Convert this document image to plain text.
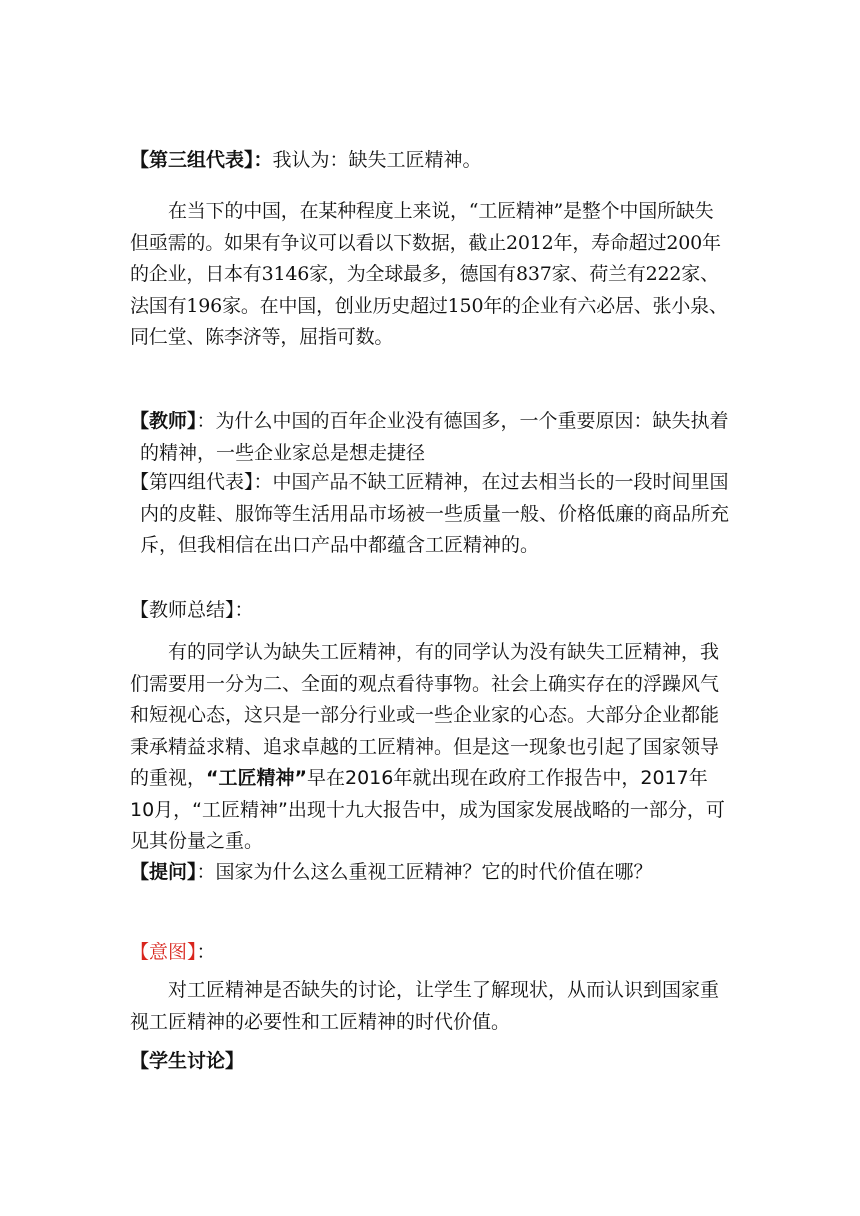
【第三组代表】：我认为：缺失工匠精神。

在当下的中国，在某种程度上来说，“工匠精神”是整个中国所缺失但亟需的。如果有争议可以看以下数据，截止2012年，寿命超过200年的企业，日本有3146家，为全球最多，德国有837家、荷兰有222家、法国有196家。在中国，创业历史超过150年的企业有六必居、张小泉、同仁堂、陈李济等，屈指可数。

【教师】：为什么中国的百年企业没有德国多，一个重要原因：缺失执着的精神，一些企业家总是想走捷径

【第四组代表】：中国产品不缺工匠精神，在过去相当长的一段时间里国内的皮鞋、服饰等生活用品市场被一些质量一般、价格低廉的商品所充斥，但我相信在出口产品中都蕴含工匠精神的。

【教师总结】：

有的同学认为缺失工匠精神，有的同学认为没有缺失工匠精神，我们需要用一分为二、全面的观点看待事物。社会上确实存在的浮躁风气和短视心态，这只是一部分行业或一些企业家的心态。大部分企业都能秉承精益求精、追求卓越的工匠精神。但是这一现象也引起了国家领导的重视，“工匠精神”早在2016年就出现在政府工作报告中，2017年10月，“工匠精神”出现十九大报告中，成为国家发展战略的一部分，可见其份量之重。

【提问】：国家为什么这么重视工匠精神？它的时代价值在哪？

【意图】：

对工匠精神是否缺失的讨论，让学生了解现状，从而认识到国家重视工匠精神的必要性和工匠精神的时代价值。

【学生讨论】
